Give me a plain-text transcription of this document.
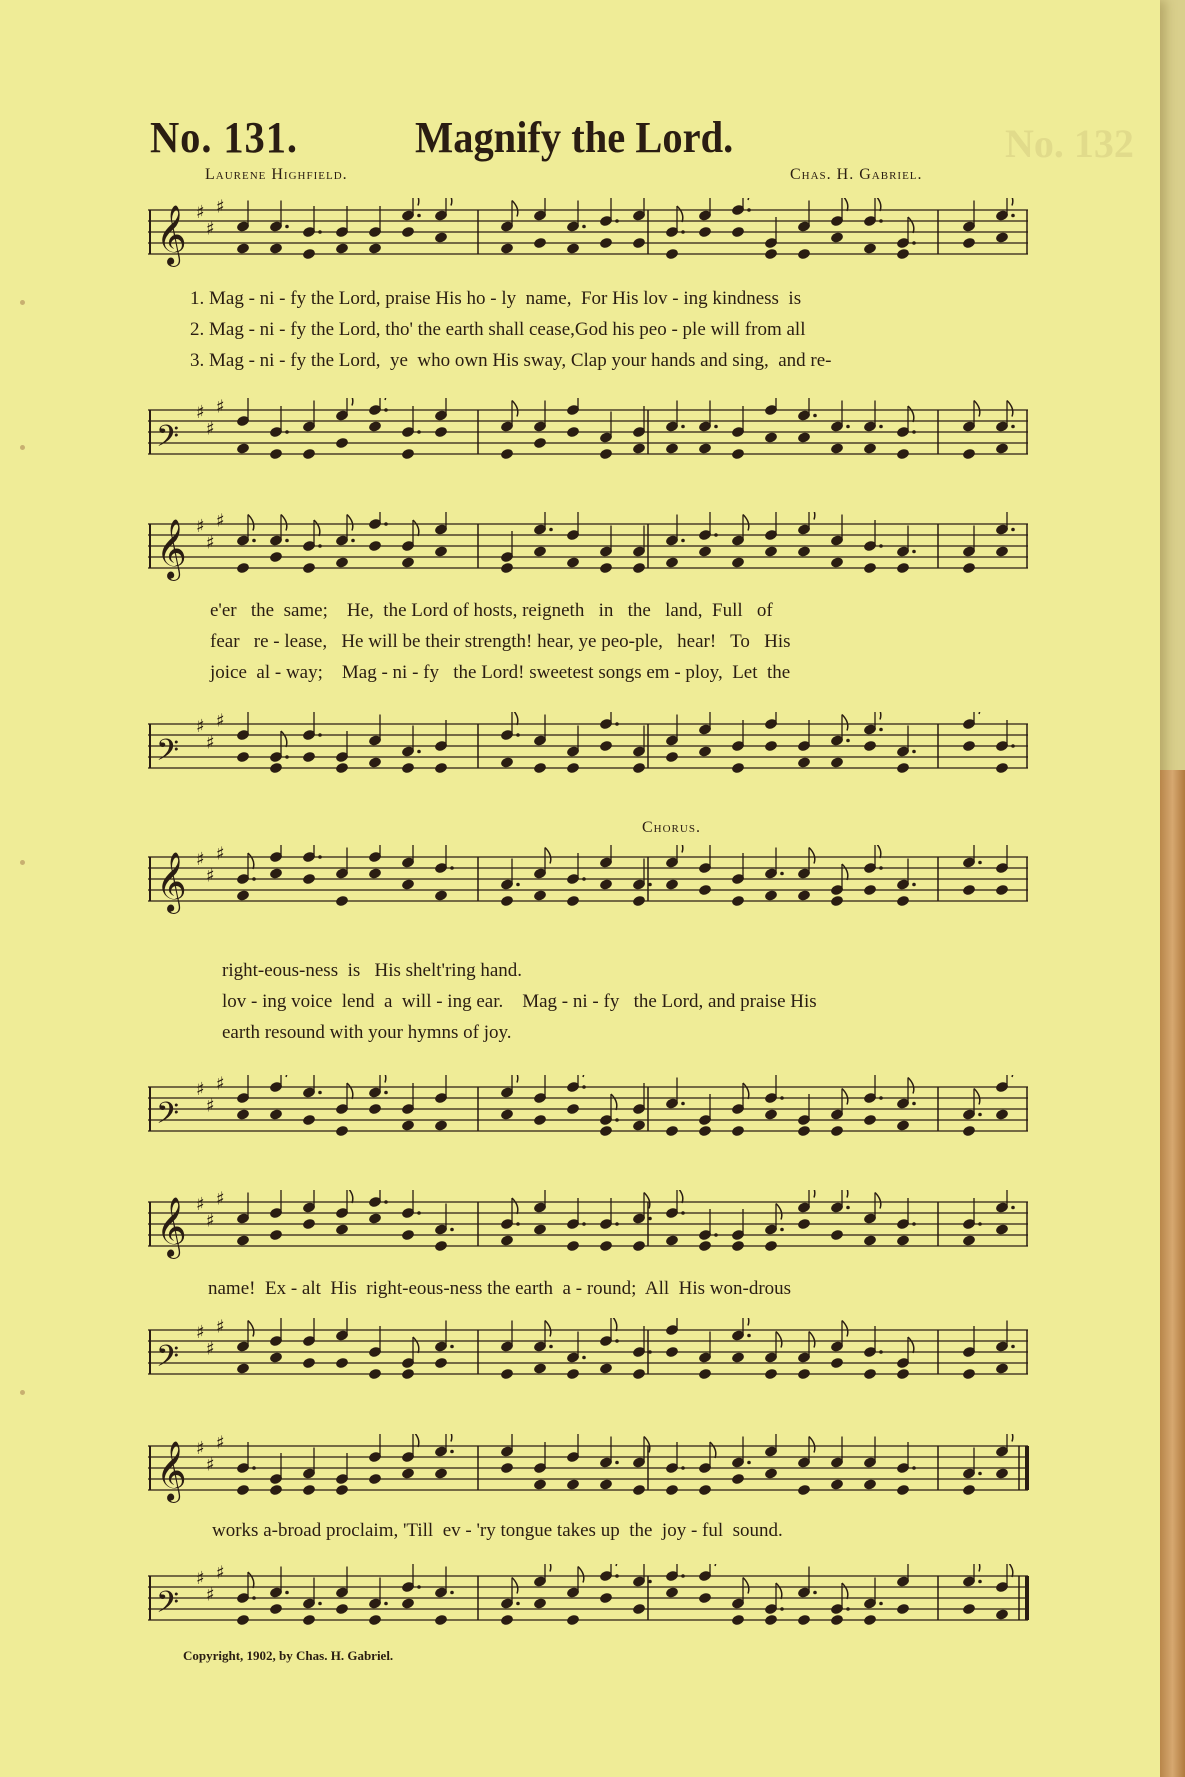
No. 131.	Magnify the Lord.	No. 132
Laurene Highfield.	Chas. H. Gabriel.
𝄞 ♯
♯
♯
1. Mag - ni - fy the Lord, praise His ho - ly  name,  For His lov - ing kindness  is
2. Mag - ni - fy the Lord, tho' the earth shall cease,God his peo - ple will from all
3. Mag - ni - fy the Lord,  ye  who own His sway, Clap your hands and sing,  and re-
𝄢
♯
♯
♯
𝄞 ♯
♯
♯
e'er   the  same;    He,  the Lord of hosts, reigneth   in   the   land,  Full   of
fear   re - lease,   He will be their strength! hear, ye peo-ple,   hear!   To   His
joice  al - way;    Mag - ni - fy   the Lord! sweetest songs em - ploy,  Let  the
𝄢
♯
♯
♯
Chorus.
𝄞 ♯
♯
♯
right-eous-ness  is   His shelt'ring hand.
lov - ing voice  lend  a  will - ing ear.    Mag - ni - fy   the Lord, and praise His
earth resound with your hymns of joy.
𝄢
♯
♯
♯
𝄞 ♯
♯
♯
name!  Ex - alt  His  right-eous-ness the earth  a - round;  All  His won-drous
𝄢
♯
♯
♯
𝄞 ♯
♯
♯
works a-broad proclaim, 'Till  ev - 'ry tongue takes up  the  joy - ful  sound.
𝄢
♯
♯
♯
Copyright, 1902, by Chas. H. Gabriel.
